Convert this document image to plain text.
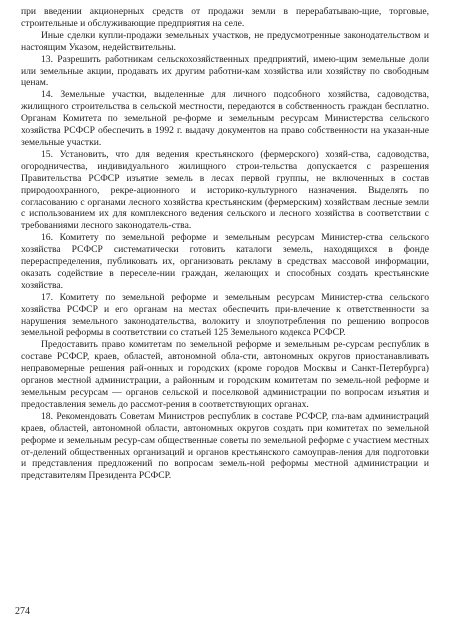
при введении акционерных средств от продажи земли в перерабатываю-щие, торговые, строительные и обслуживающие предприятия на селе.

Иные сделки купли-продажи земельных участков, не предусмотренные законодательством и настоящим Указом, недействительны.

13. Разрешить работникам сельскохозяйственных предприятий, имею-щим земельные доли или земельные акции, продавать их другим работни-кам хозяйства или хозяйству по свободным ценам.

14. Земельные участки, выделенные для личного подсобного хозяйства, садоводства, жилищного строительства в сельской местности, передаются в собственность граждан бесплатно. Органам Комитета по земельной ре-форме и земельным ресурсам Министерства сельского хозяйства РСФСР обеспечить в 1992 г. выдачу документов на право собственности на указан-ные земельные участки.

15. Установить, что для ведения крестьянского (фермерского) хозяй-ства, садоводства, огородничества, индивидуального жилищного строи-тельства допускается с разрешения Правительства РСФСР изъятие земель в лесах первой группы, не включенных в состав природоохранного, рекре-ационного и историко-культурного назначения. Выделять по согласованию с органами лесного хозяйства крестьянским (фермерским) хозяйствам лесные земли с использованием их для комплексного ведения сельского и лесного хозяйства в соответствии с требованиями лесного законодатель-ства.

16. Комитету по земельной реформе и земельным ресурсам Министер-ства сельского хозяйства РСФСР систематически готовить каталоги земель, находящихся в фонде перераспределения, публиковать их, организовать рекламу в средствах массовой информации, оказать содействие в переселе-нии граждан, желающих и способных создать крестьянские хозяйства.

17. Комитету по земельной реформе и земельным ресурсам Министер-ства сельского хозяйства РСФСР и его органам на местах обеспечить при-влечение к ответственности за нарушения земельного законодательства, волокиту и злоупотребления по решению вопросов земельной реформы в соответствии со статьей 125 Земельного кодекса РСФСР.

Предоставить право комитетам по земельной реформе и земельным ре-сурсам республик в составе РСФСР, краев, областей, автономной обла-сти, автономных округов приостанавливать неправомерные решения рай-онных и городских (кроме городов Москвы и Санкт-Петербурга) органов местной администрации, а районным и городским комитетам по земель-ной реформе и земельным ресурсам — органов сельской и поселковой администрации по вопросам изъятия и предоставления земель до рассмот-рения в соответствующих органах.

18. Рекомендовать Советам Министров республик в составе РСФСР, гла-вам администраций краев, областей, автономной области, автономных округов создать при комитетах по земельной реформе и земельным ресур-сам общественные советы по земельной реформе с участием местных от-делений общественных организаций и органов крестьянского самоуправ-ления для подготовки и представления предложений по вопросам земель-ной реформы местной администрации и представителям Президента РСФСР.

274
